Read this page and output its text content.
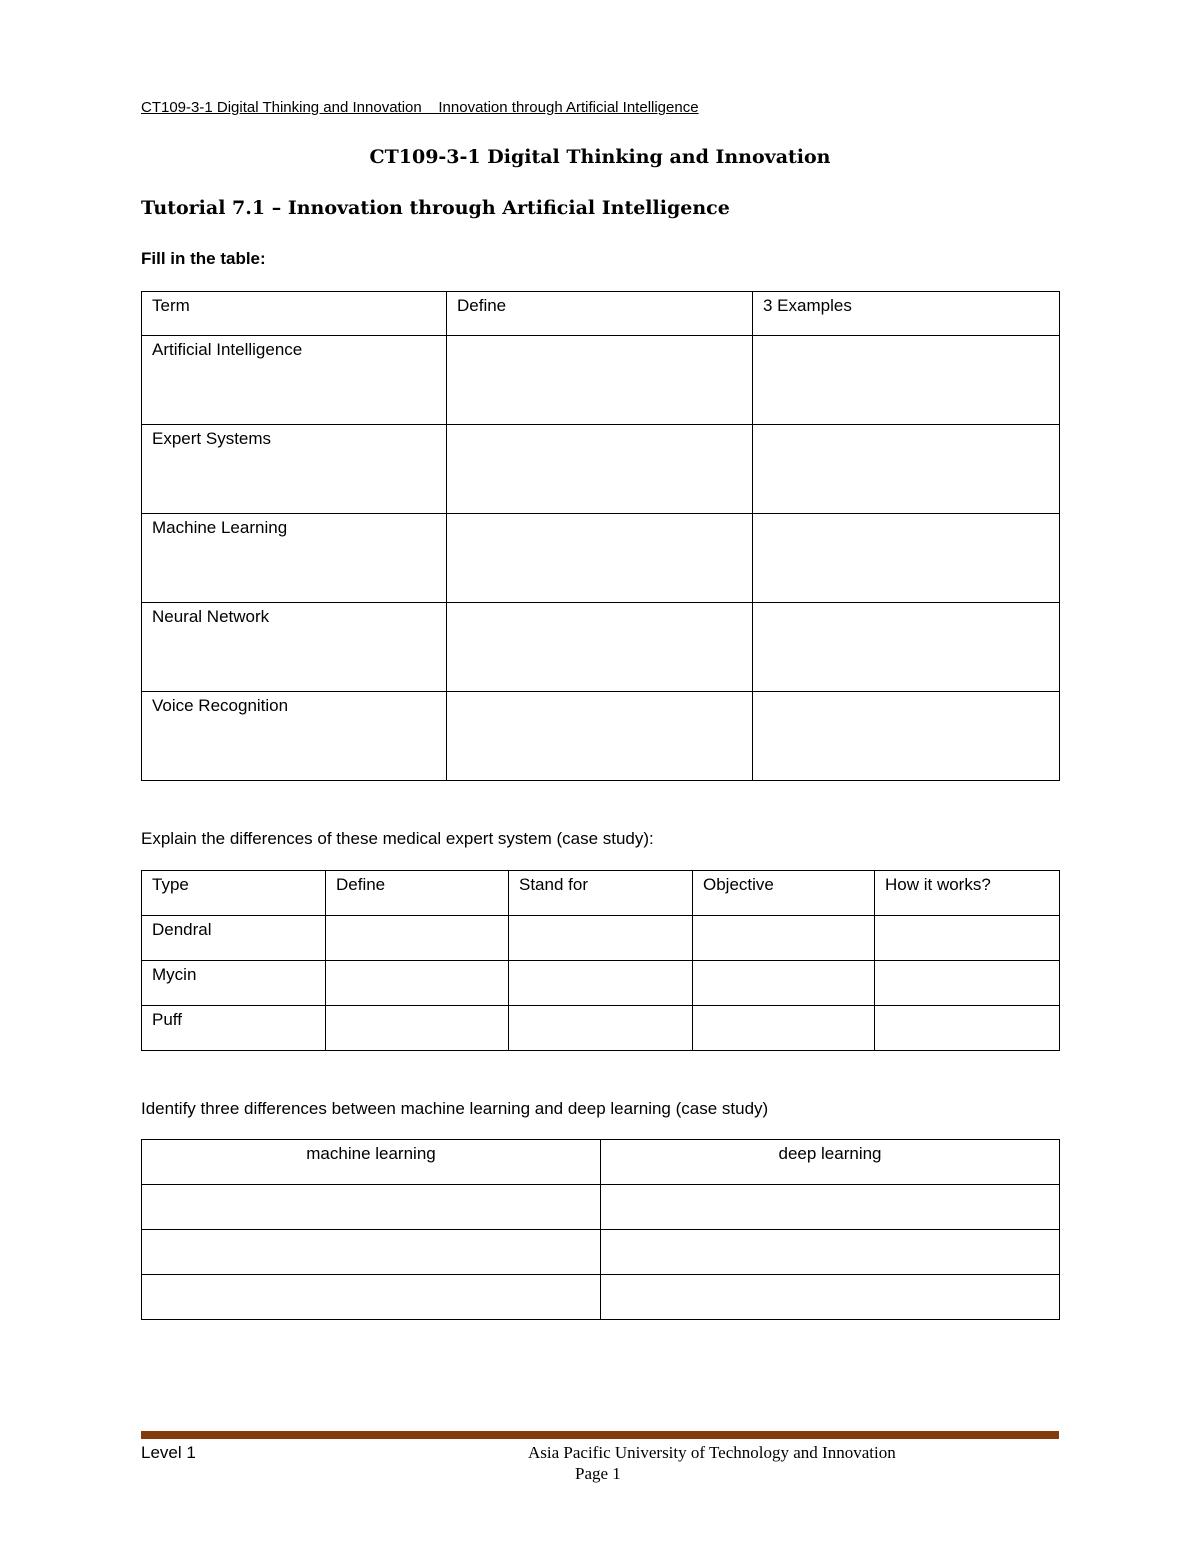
CT109-3-1 Digital Thinking and Innovation    Innovation through Artificial Intelligence
CT109-3-1 Digital Thinking and Innovation
Tutorial 7.1 – Innovation through Artificial Intelligence
Fill in the table:
Term	Define	3 Examples
Artificial Intelligence		
Expert Systems		
Machine Learning		
Neural Network		
Voice Recognition		
Explain the differences of these medical expert system (case study):
Type	Define	Stand for	Objective	How it works?
Dendral				
Mycin				
Puff				
Identify three differences between machine learning and deep learning (case study)
machine learning	deep learning

Level 1	Asia Pacific University of Technology and Innovation
Page 1
